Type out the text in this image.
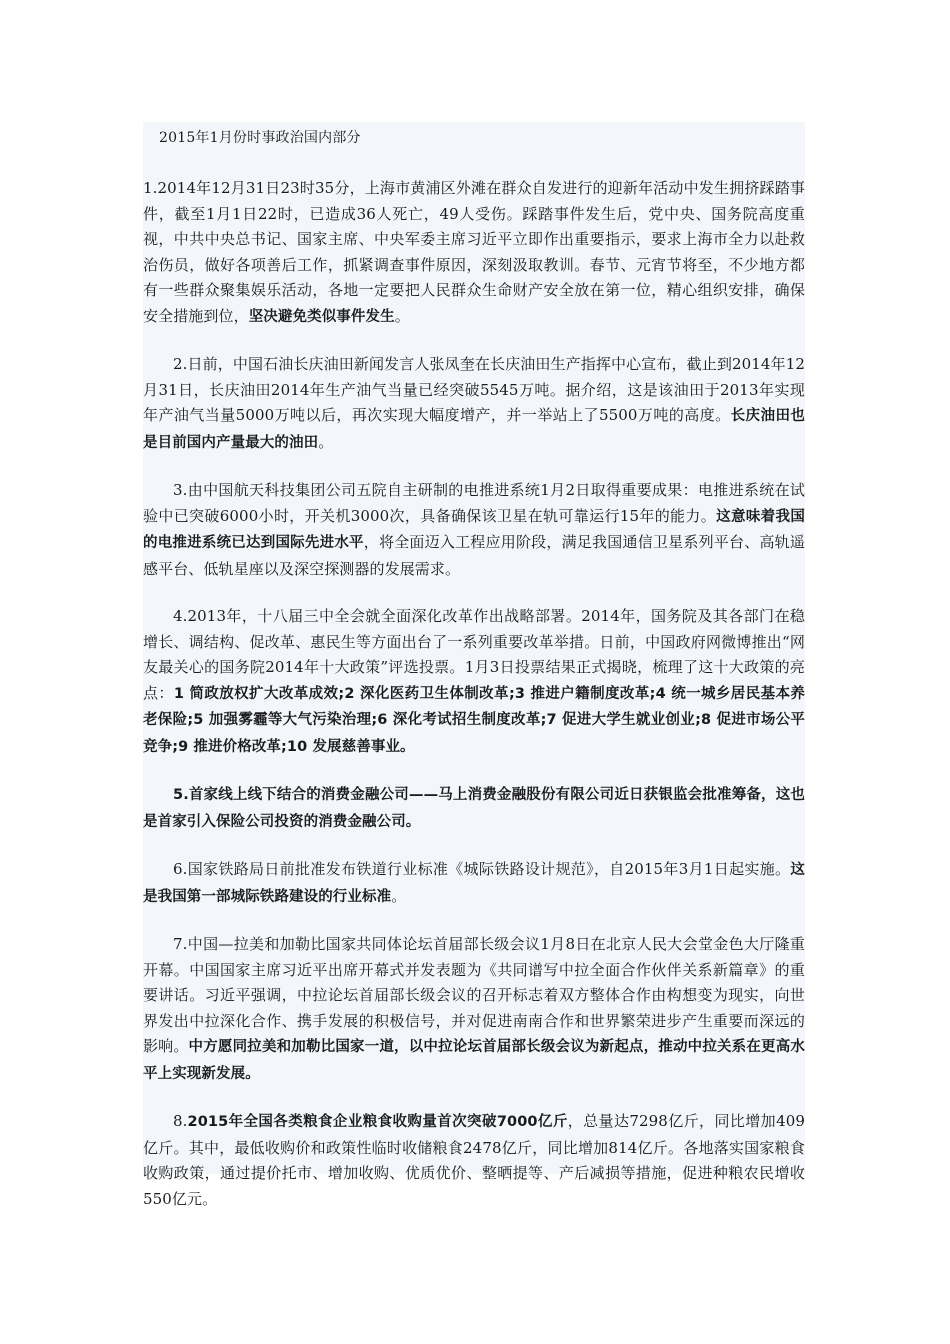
2015年1月份时事政治国内部分

1.2014年12月31日23时35分，上海市黄浦区外滩在群众自发进行的迎新年活动中发生拥挤踩踏事件，截至1月1日22时，已造成36人死亡，49人受伤。踩踏事件发生后，党中央、国务院高度重视，中共中央总书记、国家主席、中央军委主席习近平立即作出重要指示，要求上海市全力以赴救治伤员，做好各项善后工作，抓紧调查事件原因，深刻汲取教训。春节、元宵节将至，不少地方都有一些群众聚集娱乐活动，各地一定要把人民群众生命财产安全放在第一位，精心组织安排，确保安全措施到位，坚决避免类似事件发生。

2.日前，中国石油长庆油田新闻发言人张凤奎在长庆油田生产指挥中心宣布，截止到2014年12月31日，长庆油田2014年生产油气当量已经突破5545万吨。据介绍，这是该油田于2013年实现年产油气当量5000万吨以后，再次实现大幅度增产，并一举站上了5500万吨的高度。长庆油田也是目前国内产量最大的油田。

3.由中国航天科技集团公司五院自主研制的电推进系统1月2日取得重要成果：电推进系统在试验中已突破6000小时，开关机3000次，具备确保该卫星在轨可靠运行15年的能力。这意味着我国的电推进系统已达到国际先进水平，将全面迈入工程应用阶段，满足我国通信卫星系列平台、高轨遥感平台、低轨星座以及深空探测器的发展需求。

4.2013年，十八届三中全会就全面深化改革作出战略部署。2014年，国务院及其各部门在稳增长、调结构、促改革、惠民生等方面出台了一系列重要改革举措。日前，中国政府网微博推出“网友最关心的国务院2014年十大政策”评选投票。1月3日投票结果正式揭晓，梳理了这十大政策的亮点：1 简政放权扩大改革成效;2 深化医药卫生体制改革;3 推进户籍制度改革;4 统一城乡居民基本养老保险;5 加强雾霾等大气污染治理;6 深化考试招生制度改革;7 促进大学生就业创业;8 促进市场公平竞争;9 推进价格改革;10 发展慈善事业。

5.首家线上线下结合的消费金融公司——马上消费金融股份有限公司近日获银监会批准筹备，这也是首家引入保险公司投资的消费金融公司。

6.国家铁路局日前批准发布铁道行业标准《城际铁路设计规范》，自2015年3月1日起实施。这是我国第一部城际铁路建设的行业标准。

7.中国—拉美和加勒比国家共同体论坛首届部长级会议1月8日在北京人民大会堂金色大厅隆重开幕。中国国家主席习近平出席开幕式并发表题为《共同谱写中拉全面合作伙伴关系新篇章》的重要讲话。习近平强调，中拉论坛首届部长级会议的召开标志着双方整体合作由构想变为现实，向世界发出中拉深化合作、携手发展的积极信号，并对促进南南合作和世界繁荣进步产生重要而深远的影响。中方愿同拉美和加勒比国家一道，以中拉论坛首届部长级会议为新起点，推动中拉关系在更高水平上实现新发展。

8.2015年全国各类粮食企业粮食收购量首次突破7000亿斤，总量达7298亿斤，同比增加409亿斤。其中，最低收购价和政策性临时收储粮食2478亿斤，同比增加814亿斤。各地落实国家粮食收购政策，通过提价托市、增加收购、优质优价、整晒提等、产后减损等措施，促进种粮农民增收550亿元。
